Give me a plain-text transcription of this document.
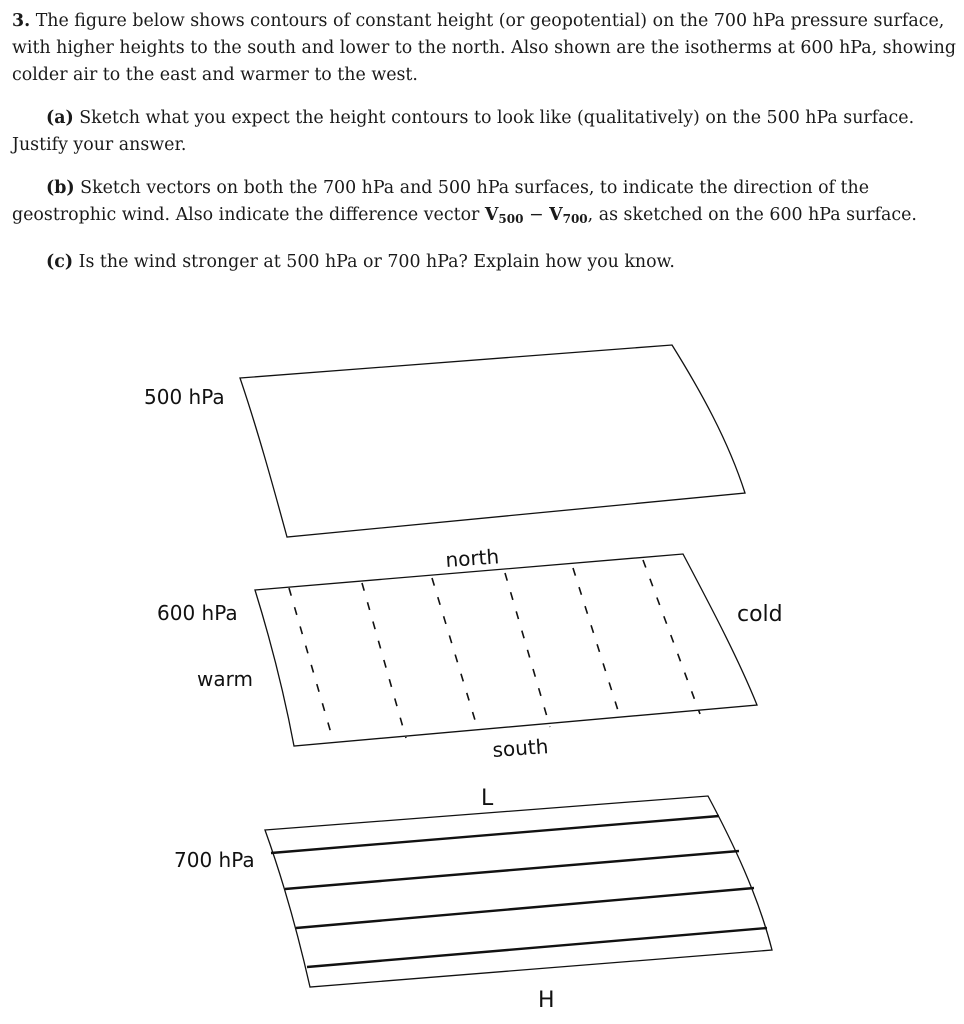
3. The figure below shows contours of constant height (or geopotential) on the 700 hPa pressure surface, with higher heights to the south and lower to the north. Also shown are the isotherms at 600 hPa, showing colder air to the east and warmer to the west.

(a) Sketch what you expect the height contours to look like (qualitatively) on the 500 hPa surface. Justify your answer.

(b) Sketch vectors on both the 700 hPa and 500 hPa surfaces, to indicate the direction of the geostrophic wind. Also indicate the difference vector V500 − V700, as sketched on the 600 hPa surface.

(c) Is the wind stronger at 500 hPa or 700 hPa? Explain how you know.

500 hPa
600 hPa
north
south
warm
cold
700 hPa
L
H
